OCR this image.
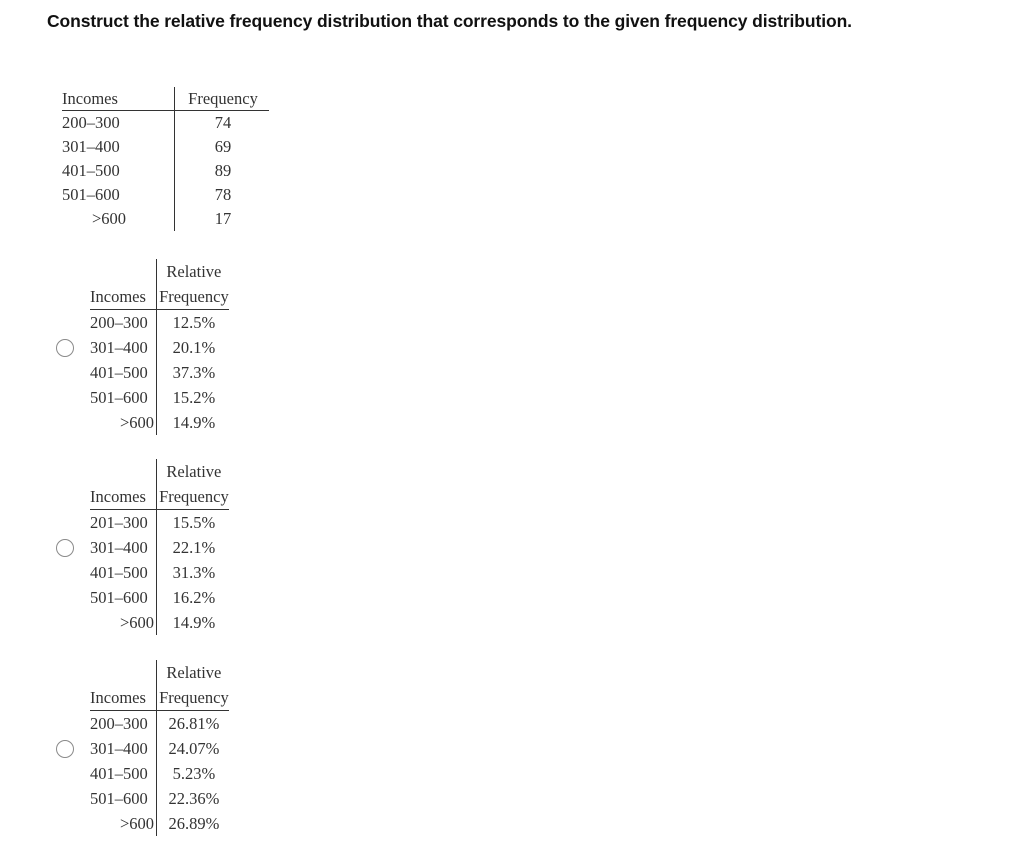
Construct the relative frequency distribution that corresponds to the given frequency distribution.
Incomes	Frequency
200–300	74
301–400	69
401–500	89
501–600	78
>600	17
	Relative
Incomes	Frequency
200–300	12.5%
301–400	20.1%
401–500	37.3%
501–600	15.2%
>600	14.9%
	Relative
Incomes	Frequency
201–300	15.5%
301–400	22.1%
401–500	31.3%
501–600	16.2%
>600	14.9%
	Relative
Incomes	Frequency
200–300	26.81%
301–400	24.07%
401–500	5.23%
501–600	22.36%
>600	26.89%
